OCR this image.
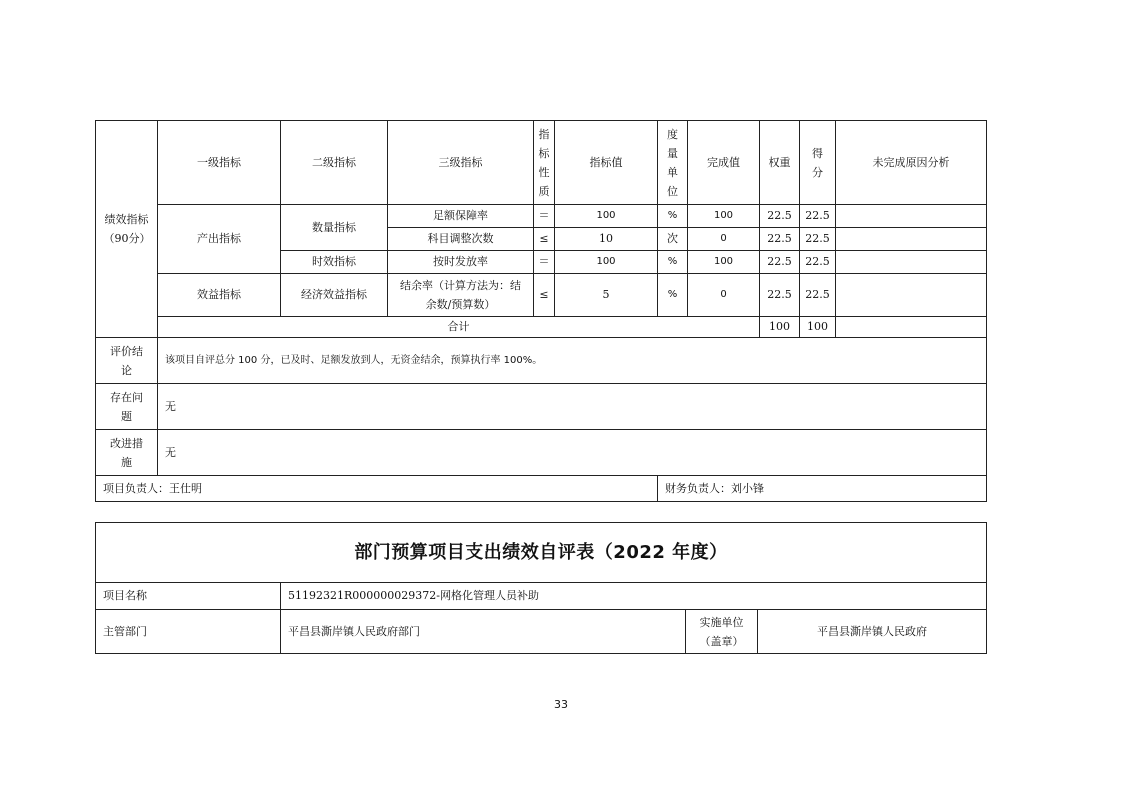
绩效指标（90分）	一级指标	二级指标	三级指标	指标性质	指标值	度量单位	完成值	权重	得分	未完成原因分析
	产出指标	数量指标	足额保障率	＝	100	%	100	22.5	22.5	
			科目调整次数	≤	10	次	0	22.5	22.5	
		时效指标	按时发放率	＝	100	%	100	22.5	22.5	
	效益指标	经济效益指标	结余率（计算方法为：结余数/预算数）	≤	5	%	0	22.5	22.5	
	合计							100	100	
评价结论	该项目自评总分 100 分，已及时、足额发放到人，无资金结余，预算执行率 100%。									
存在问题	无									
改进措施	无									
项目负责人：王仕明						财务负责人：刘小锋				
部门预算项目支出绩效自评表（2022 年度）			
项目名称	51192321R000000029372-网格化管理人员补助		
主管部门	平昌县澌岸镇人民政府部门	实施单位（盖章）	平昌县澌岸镇人民政府
33
